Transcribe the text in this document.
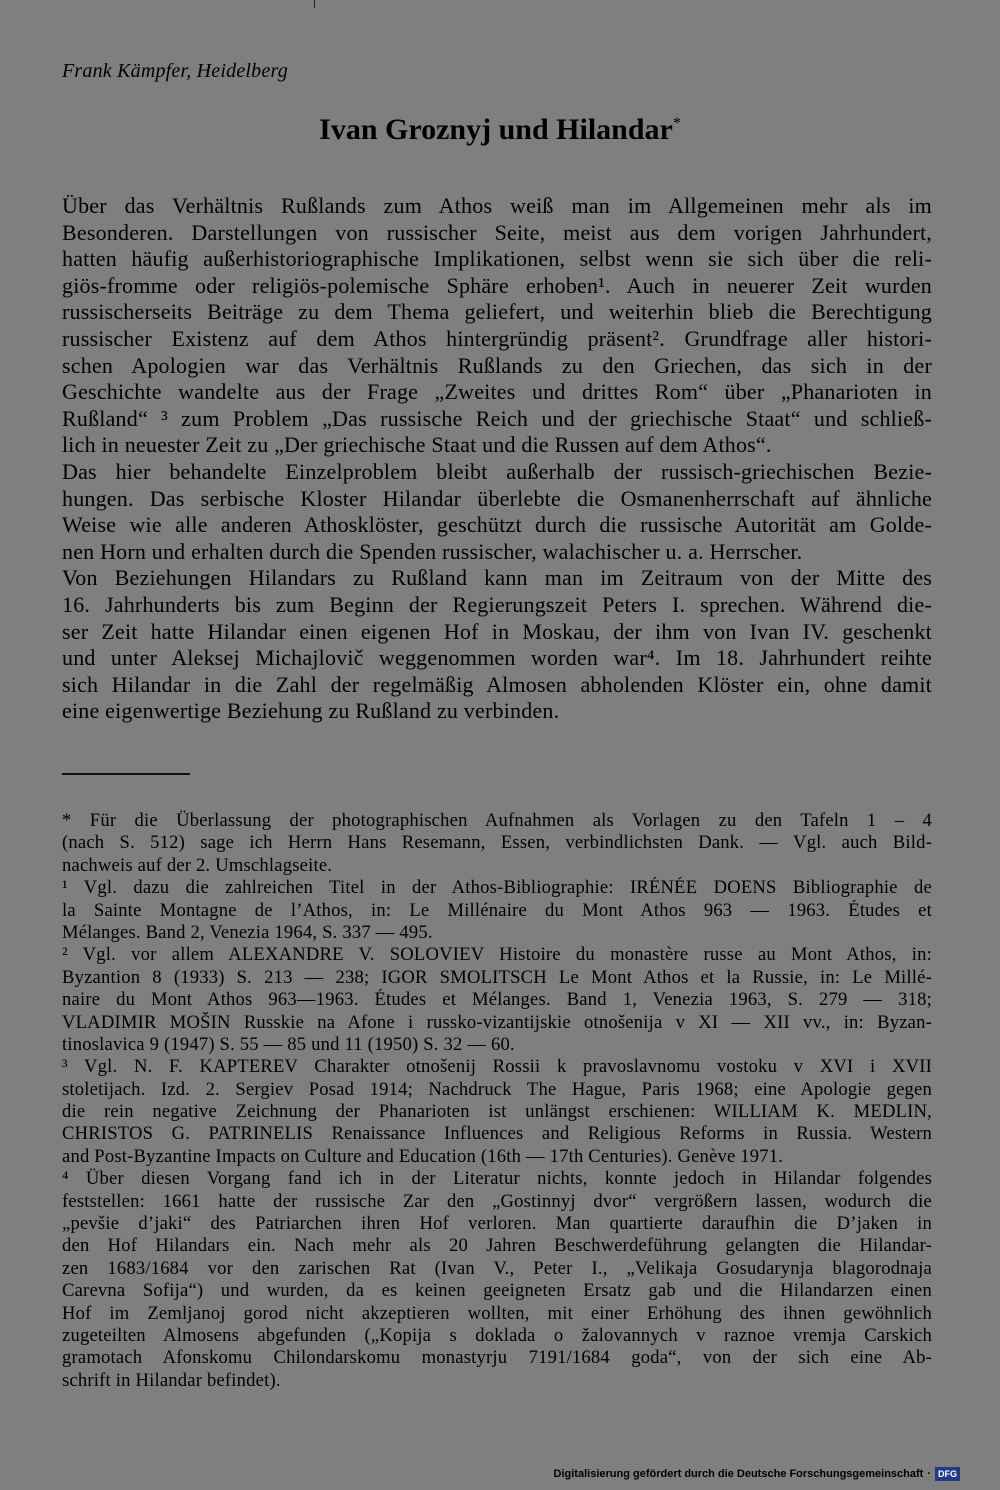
Frank Kämpfer, Heidelberg
Ivan Groznyj und Hilandar*
Über das Verhältnis Rußlands zum Athos weiß man im Allgemeinen mehr als im
Besonderen. Darstellungen von russischer Seite, meist aus dem vorigen Jahrhundert,
hatten häufig außerhistoriographische Implikationen, selbst wenn sie sich über die reli-
giös-fromme oder religiös-polemische Sphäre erhoben¹. Auch in neuerer Zeit wurden
russischerseits Beiträge zu dem Thema geliefert, und weiterhin blieb die Berechtigung
russischer Existenz auf dem Athos hintergründig präsent². Grundfrage aller histori-
schen Apologien war das Verhältnis Rußlands zu den Griechen, das sich in der
Geschichte wandelte aus der Frage „Zweites und drittes Rom“ über „Phanarioten in
Rußland“ ³ zum Problem „Das russische Reich und der griechische Staat“ und schließ-
lich in neuester Zeit zu „Der griechische Staat und die Russen auf dem Athos“.
Das hier behandelte Einzelproblem bleibt außerhalb der russisch-griechischen Bezie-
hungen. Das serbische Kloster Hilandar überlebte die Osmanenherrschaft auf ähnliche
Weise wie alle anderen Athosklöster, geschützt durch die russische Autorität am Golde-
nen Horn und erhalten durch die Spenden russischer, walachischer u. a. Herrscher.
Von Beziehungen Hilandars zu Rußland kann man im Zeitraum von der Mitte des
16. Jahrhunderts bis zum Beginn der Regierungszeit Peters I. sprechen. Während die-
ser Zeit hatte Hilandar einen eigenen Hof in Moskau, der ihm von Ivan IV. geschenkt
und unter Aleksej Michajlovič weggenommen worden war⁴. Im 18. Jahrhundert reihte
sich Hilandar in die Zahl der regelmäßig Almosen abholenden Klöster ein, ohne damit
eine eigenwertige Beziehung zu Rußland zu verbinden.
* Für die Überlassung der photographischen Aufnahmen als Vorlagen zu den Tafeln 1 – 4
(nach S. 512) sage ich Herrn Hans Resemann, Essen, verbindlichsten Dank. — Vgl. auch Bild-
nachweis auf der 2. Umschlagseite.
¹ Vgl. dazu die zahlreichen Titel in der Athos-Bibliographie: IRÉNÉE DOENS Bibliographie de
la Sainte Montagne de l’Athos, in: Le Millénaire du Mont Athos 963 — 1963. Études et
Mélanges. Band 2, Venezia 1964, S. 337 — 495.
² Vgl. vor allem ALEXANDRE V. SOLOVIEV Histoire du monastère russe au Mont Athos, in:
Byzantion 8 (1933) S. 213 — 238; IGOR SMOLITSCH Le Mont Athos et la Russie, in: Le Millé-
naire du Mont Athos 963—1963. Études et Mélanges. Band 1, Venezia 1963, S. 279 — 318;
VLADIMIR MOŠIN Russkie na Afone i russko-vizantijskie otnošenija v XI — XII vv., in: Byzan-
tinoslavica 9 (1947) S. 55 — 85 und 11 (1950) S. 32 — 60.
³ Vgl. N. F. KAPTEREV Charakter otnošenij Rossii k pravoslavnomu vostoku v XVI i XVII
stoletijach. Izd. 2. Sergiev Posad 1914; Nachdruck The Hague, Paris 1968; eine Apologie gegen
die rein negative Zeichnung der Phanarioten ist unlängst erschienen: WILLIAM K. MEDLIN,
CHRISTOS G. PATRINELIS Renaissance Influences and Religious Reforms in Russia. Western
and Post-Byzantine Impacts on Culture and Education (16th — 17th Centuries). Genève 1971.
⁴ Über diesen Vorgang fand ich in der Literatur nichts, konnte jedoch in Hilandar folgendes
feststellen: 1661 hatte der russische Zar den „Gostinnyj dvor“ vergrößern lassen, wodurch die
„pevšie d’jaki“ des Patriarchen ihren Hof verloren. Man quartierte daraufhin die D’jaken in
den Hof Hilandars ein. Nach mehr als 20 Jahren Beschwerdeführung gelangten die Hilandar-
zen 1683/1684 vor den zarischen Rat (Ivan V., Peter I., „Velikaja Gosudarynja blagorodnaja
Carevna Sofija“) und wurden, da es keinen geeigneten Ersatz gab und die Hilandarzen einen
Hof im Zemljanoj gorod nicht akzeptieren wollten, mit einer Erhöhung des ihnen gewöhnlich
zugeteilten Almosens abgefunden („Kopija s doklada o žalovannych v raznoe vremja Carskich
gramotach Afonskomu Chilondarskomu monastyrju 7191/1684 goda“, von der sich eine Ab-
schrift in Hilandar befindet).
Digitalisierung gefördert durch die Deutsche Forschungsgemeinschaft · DFG
